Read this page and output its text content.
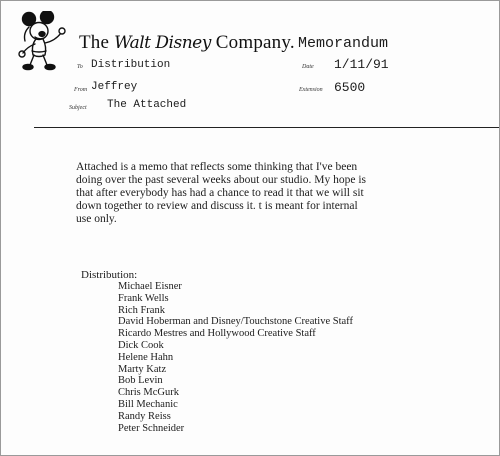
The Walt Disney Company. Memorandum
To Distribution
From Jeffrey
Subject The Attached
Date 1/11/91
Extension 6500
Attached is a memo that reflects some thinking that I've been
doing over the past several weeks about our studio. My hope is
that after everybody has had a chance to read it that we will sit
down together to review and discuss it. t is meant for internal
use only.
Distribution:
Michael Eisner
Frank Wells
Rich Frank
David Hoberman and Disney/Touchstone Creative Staff
Ricardo Mestres and Hollywood Creative Staff
Dick Cook
Helene Hahn
Marty Katz
Bob Levin
Chris McGurk
Bill Mechanic
Randy Reiss
Peter Schneider
